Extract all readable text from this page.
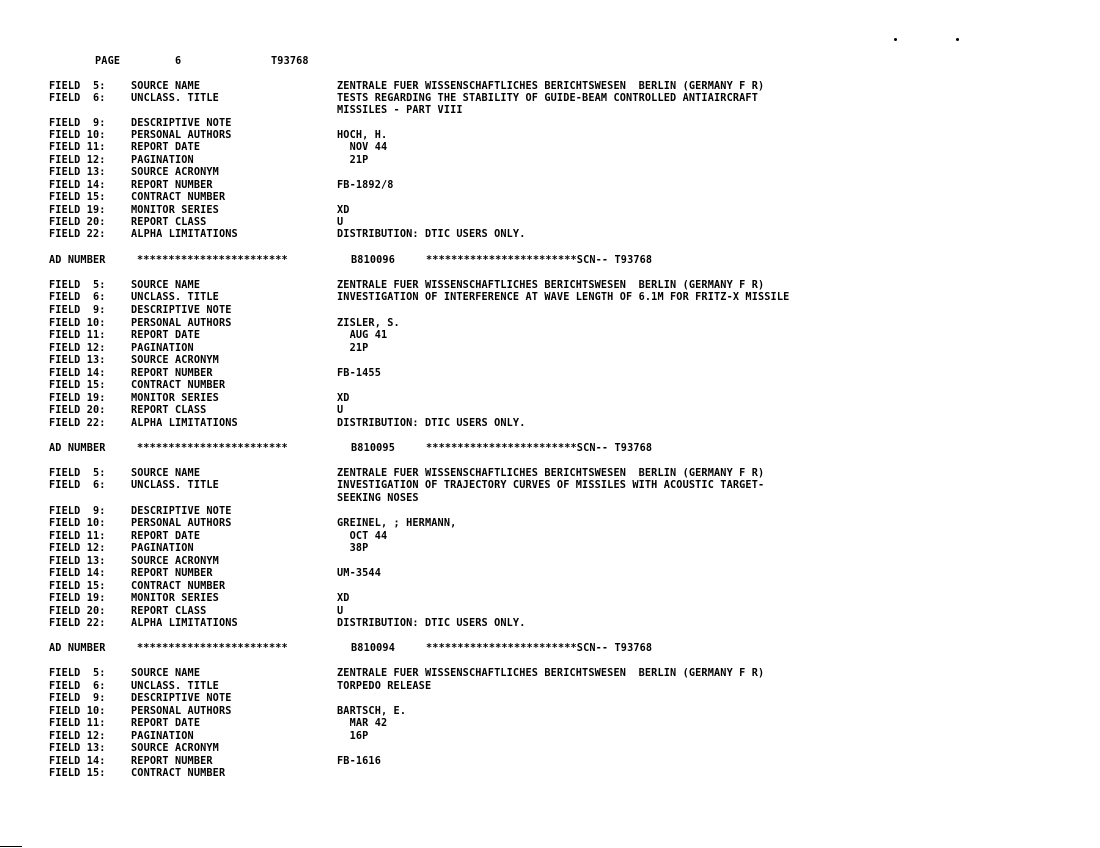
PAGE	6	T93768
FIELD  5: SOURCE NAME	ZENTRALE FUER WISSENSCHAFTLICHES BERICHTSWESEN  BERLIN (GERMANY F R)
FIELD  6: UNCLASS. TITLE	TESTS REGARDING THE STABILITY OF GUIDE-BEAM CONTROLLED ANTIAIRCRAFT
MISSILES - PART VIII
FIELD  9: DESCRIPTIVE NOTE
FIELD 10: PERSONAL AUTHORS	HOCH, H.
FIELD 11: REPORT DATE	NOV 44
FIELD 12: PAGINATION	21P
FIELD 13: SOURCE ACRONYM
FIELD 14: REPORT NUMBER	FB-1892/8
FIELD 15: CONTRACT NUMBER
FIELD 19: MONITOR SERIES	XD
FIELD 20: REPORT CLASS	U
FIELD 22: ALPHA LIMITATIONS	DISTRIBUTION: DTIC USERS ONLY.
AD NUMBER	************************	B810096	************************SCN-- T93768
FIELD  5: SOURCE NAME	ZENTRALE FUER WISSENSCHAFTLICHES BERICHTSWESEN  BERLIN (GERMANY F R)
FIELD  6: UNCLASS. TITLE	INVESTIGATION OF INTERFERENCE AT WAVE LENGTH OF 6.1M FOR FRITZ-X MISSILE
FIELD  9: DESCRIPTIVE NOTE
FIELD 10: PERSONAL AUTHORS	ZISLER, S.
FIELD 11: REPORT DATE	AUG 41
FIELD 12: PAGINATION	21P
FIELD 13: SOURCE ACRONYM
FIELD 14: REPORT NUMBER	FB-1455
FIELD 15: CONTRACT NUMBER
FIELD 19: MONITOR SERIES	XD
FIELD 20: REPORT CLASS	U
FIELD 22: ALPHA LIMITATIONS	DISTRIBUTION: DTIC USERS ONLY.
AD NUMBER	************************	B810095	************************SCN-- T93768
FIELD  5: SOURCE NAME	ZENTRALE FUER WISSENSCHAFTLICHES BERICHTSWESEN  BERLIN (GERMANY F R)
FIELD  6: UNCLASS. TITLE	INVESTIGATION OF TRAJECTORY CURVES OF MISSILES WITH ACOUSTIC TARGET-
SEEKING NOSES
FIELD  9: DESCRIPTIVE NOTE
FIELD 10: PERSONAL AUTHORS	GREINEL, ; HERMANN,
FIELD 11: REPORT DATE	OCT 44
FIELD 12: PAGINATION	38P
FIELD 13: SOURCE ACRONYM
FIELD 14: REPORT NUMBER	UM-3544
FIELD 15: CONTRACT NUMBER
FIELD 19: MONITOR SERIES	XD
FIELD 20: REPORT CLASS	U
FIELD 22: ALPHA LIMITATIONS	DISTRIBUTION: DTIC USERS ONLY.
AD NUMBER	************************	B810094	************************SCN-- T93768
FIELD  5: SOURCE NAME	ZENTRALE FUER WISSENSCHAFTLICHES BERICHTSWESEN  BERLIN (GERMANY F R)
FIELD  6: UNCLASS. TITLE	TORPEDO RELEASE
FIELD  9: DESCRIPTIVE NOTE
FIELD 10: PERSONAL AUTHORS	BARTSCH, E.
FIELD 11: REPORT DATE	MAR 42
FIELD 12: PAGINATION	16P
FIELD 13: SOURCE ACRONYM
FIELD 14: REPORT NUMBER	FB-1616
FIELD 15: CONTRACT NUMBER
